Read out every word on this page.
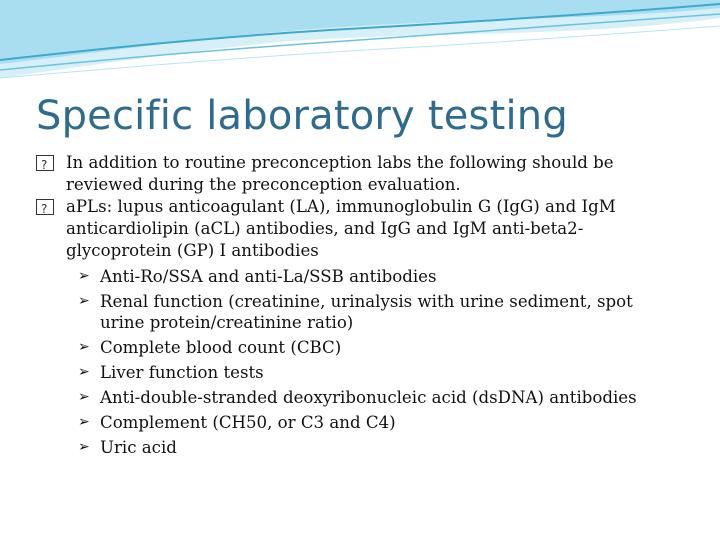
Specific laboratory testing
?
In addition to routine preconception labs the following should be reviewed during the preconception evaluation.
?
aPLs: lupus anticoagulant (LA), immunoglobulin G (IgG) and IgM anticardiolipin (aCL) antibodies, and IgG and IgM anti-beta2-glycoprotein (GP) I antibodies
➢ Anti-Ro/SSA and anti-La/SSB antibodies
➢ Renal function (creatinine, urinalysis with urine sediment, spot urine protein/creatinine ratio)
➢ Complete blood count (CBC)
➢ Liver function tests
➢ Anti-double-stranded deoxyribonucleic acid (dsDNA) antibodies
➢ Complement (CH50, or C3 and C4)
➢ Uric acid
